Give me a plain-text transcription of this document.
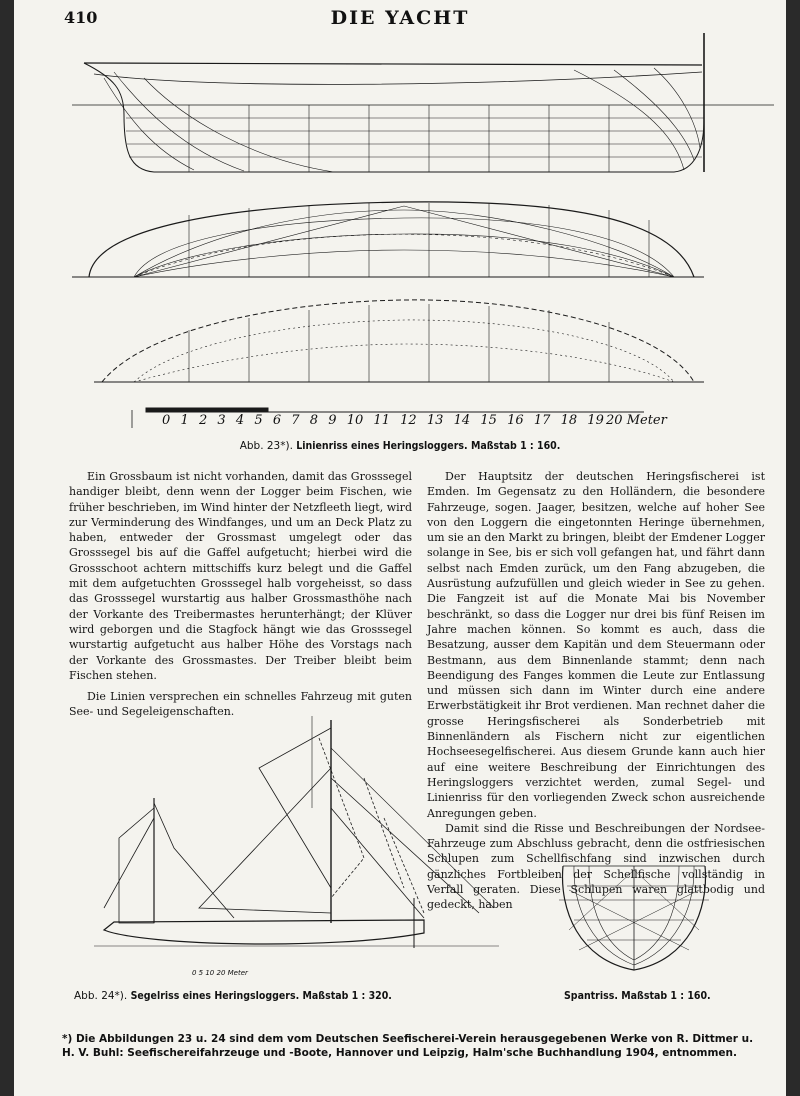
410	DIE YACHT
0 1 2 3 4 5 6 7 8 9 10 11 12 13 14 15 16 17 18 19 20 Meter
Abb. 23*). Linienriss eines Heringsloggers. Maßstab 1 : 160.

Ein Grossbaum ist nicht vorhanden, damit das Grosssegel handiger bleibt, denn wenn der Logger beim Fischen, wie früher beschrieben, im Wind hinter der Netzfleeth liegt, wird zur Verminderung des Windfanges, und um an Deck Platz zu haben, entweder der Grossmast umgelegt oder das Grosssegel bis auf die Gaffel aufgetucht; hierbei wird die Grossschoot achtern mittschiffs kurz belegt und die Gaffel mit dem aufgetuchten Grosssegel halb vorgeheisst, so dass das Grosssegel wurstartig aus halber Grossmasthöhe nach der Vorkante des Treibermastes herunterhängt; der Klüver wird geborgen und die Stagfock hängt wie das Grosssegel wurstartig aufgetucht aus halber Höhe des Vorstags nach der Vorkante des Grossmastes. Der Treiber bleibt beim Fischen stehen.

Die Linien versprechen ein schnelles Fahrzeug mit guten See- und Segeleigenschaften.

Der Hauptsitz der deutschen Heringsfischerei ist Emden. Im Gegensatz zu den Holländern, die besondere Fahrzeuge, sogen. Jaager, besitzen, welche auf hoher See von den Loggern die eingetonnten Heringe übernehmen, um sie an den Markt zu bringen, bleibt der Emdener Logger solange in See, bis er sich voll gefangen hat, und fährt dann selbst nach Emden zurück, um den Fang abzugeben, die Ausrüstung aufzufüllen und gleich wieder in See zu gehen. Die Fangzeit ist auf die Monate Mai bis November beschränkt, so dass die Logger nur drei bis fünf Reisen im Jahre machen können. So kommt es auch, dass die Besatzung, ausser dem Kapitän und dem Steuermann oder Bestmann, aus dem Binnenlande stammt; denn nach Beendigung des Fanges kommen die Leute zur Entlassung und müssen sich dann im Winter durch eine andere Erwerbstätigkeit ihr Brot verdienen. Man rechnet daher die grosse Heringsfischerei als Sonderbetrieb mit Binnenländern als Fischern nicht zur eigentlichen Hochseesegelfischerei. Aus diesem Grunde kann auch hier auf eine weitere Beschreibung der Einrichtungen des Heringsloggers verzichtet werden, zumal Segel- und Linienriss für den vorliegenden Zweck schon ausreichende Anregungen geben.

Damit sind die Risse und Beschreibungen der Nordsee-Fahrzeuge zum Abschluss gebracht, denn die ostfriesischen Schlupen zum Schellfischfang sind inzwischen durch gänzliches Fortbleiben der Schellfische vollständig in Verfall geraten. Diese Schlupen waren glattbodig und gedeckt, haben

0 5 10 20 Meter
Abb. 24*). Segelriss eines Heringsloggers. Maßstab 1 : 320.	Spantriss. Maßstab 1 : 160.
*) Die Abbildungen 23 u. 24 sind dem vom Deutschen Seefischerei-Verein herausgegebenen Werke von R. Dittmer u. H. V. Buhl: Seefischereifahrzeuge und -Boote, Hannover und Leipzig, Halm'sche Buchhandlung 1904, entnommen.
